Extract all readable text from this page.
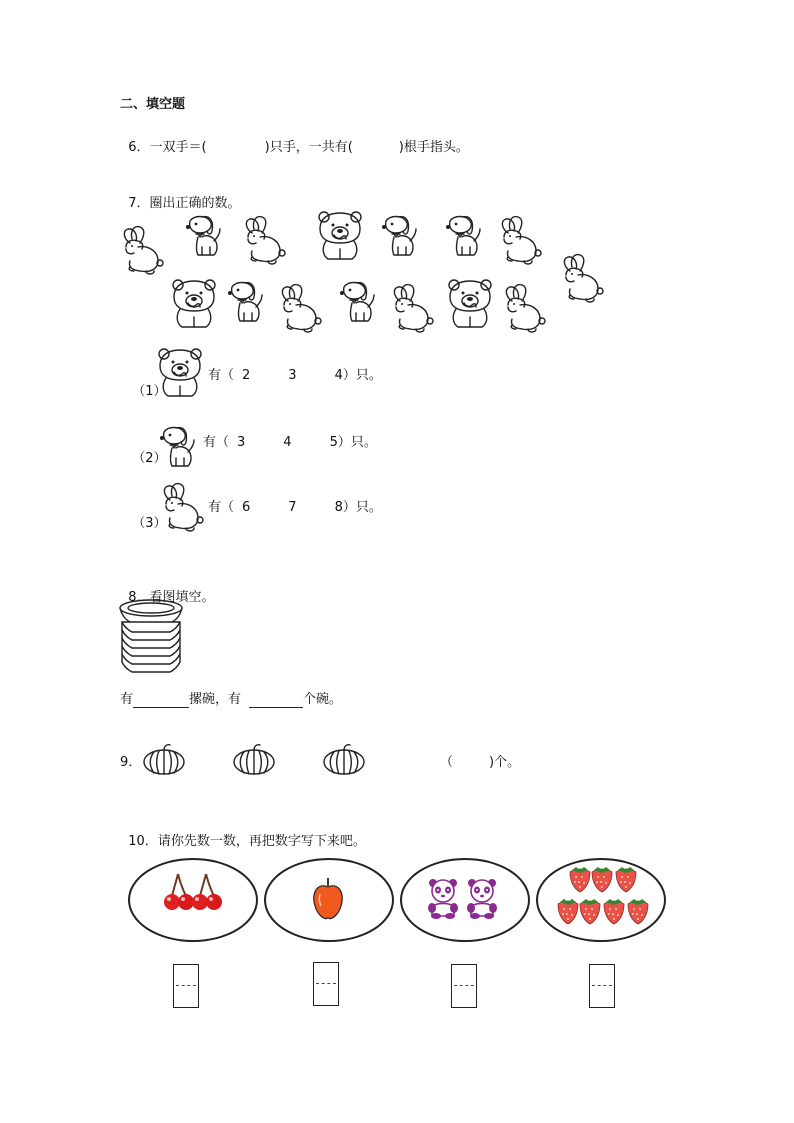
二、填空题

6．一双手＝(	)只手，一共有(	)根手指头。

7．圈出正确的数。

（1）

有（ 2	3	4）只。

（2）

有（ 3	4	5）只。

（3）

有（ 6	7	8）只。

8．看图填空。

有	摞碗，有	个碗。
9．	（	)个。

10．请你先数一数，再把数字写下来吧。
